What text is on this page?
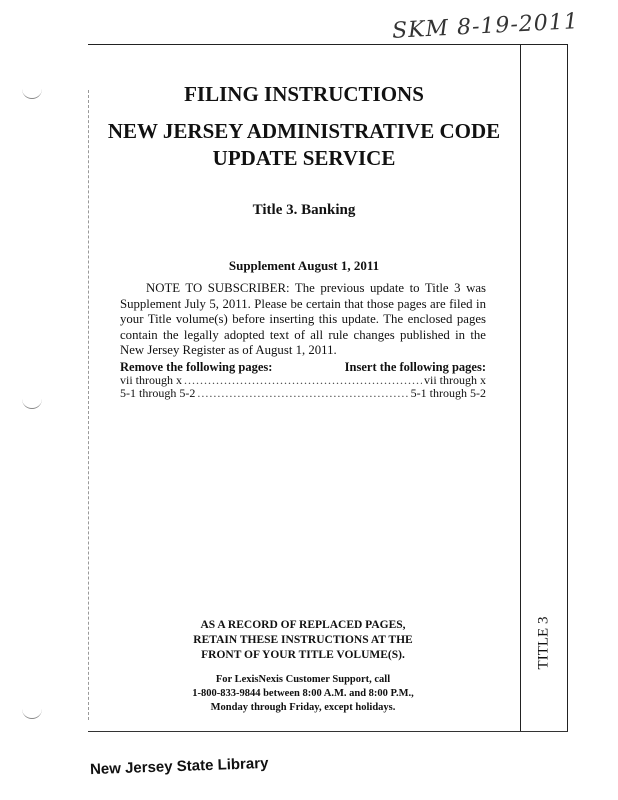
SKM 8-19-2011
TITLE 3
FILING INSTRUCTIONS
NEW JERSEY ADMINISTRATIVE CODE
UPDATE SERVICE
Title 3. Banking
Supplement August 1, 2011
NOTE TO SUBSCRIBER: The previous update to Title 3 was Supplement July 5, 2011. Please be certain that those pages are filed in your Title volume(s) before inserting this update. The enclosed pages contain the legally adopted text of all rule changes published in the New Jersey Register as of August 1, 2011.
Remove the following pages:	Insert the following pages:
vii through x .....	vii through x
5-1 through 5-2 .....	5-1 through 5-2
AS A RECORD OF REPLACED PAGES,
RETAIN THESE INSTRUCTIONS AT THE
FRONT OF YOUR TITLE VOLUME(S).
For LexisNexis Customer Support, call
1-800-833-9844 between 8:00 A.M. and 8:00 P.M.,
Monday through Friday, except holidays.
New Jersey State Library
